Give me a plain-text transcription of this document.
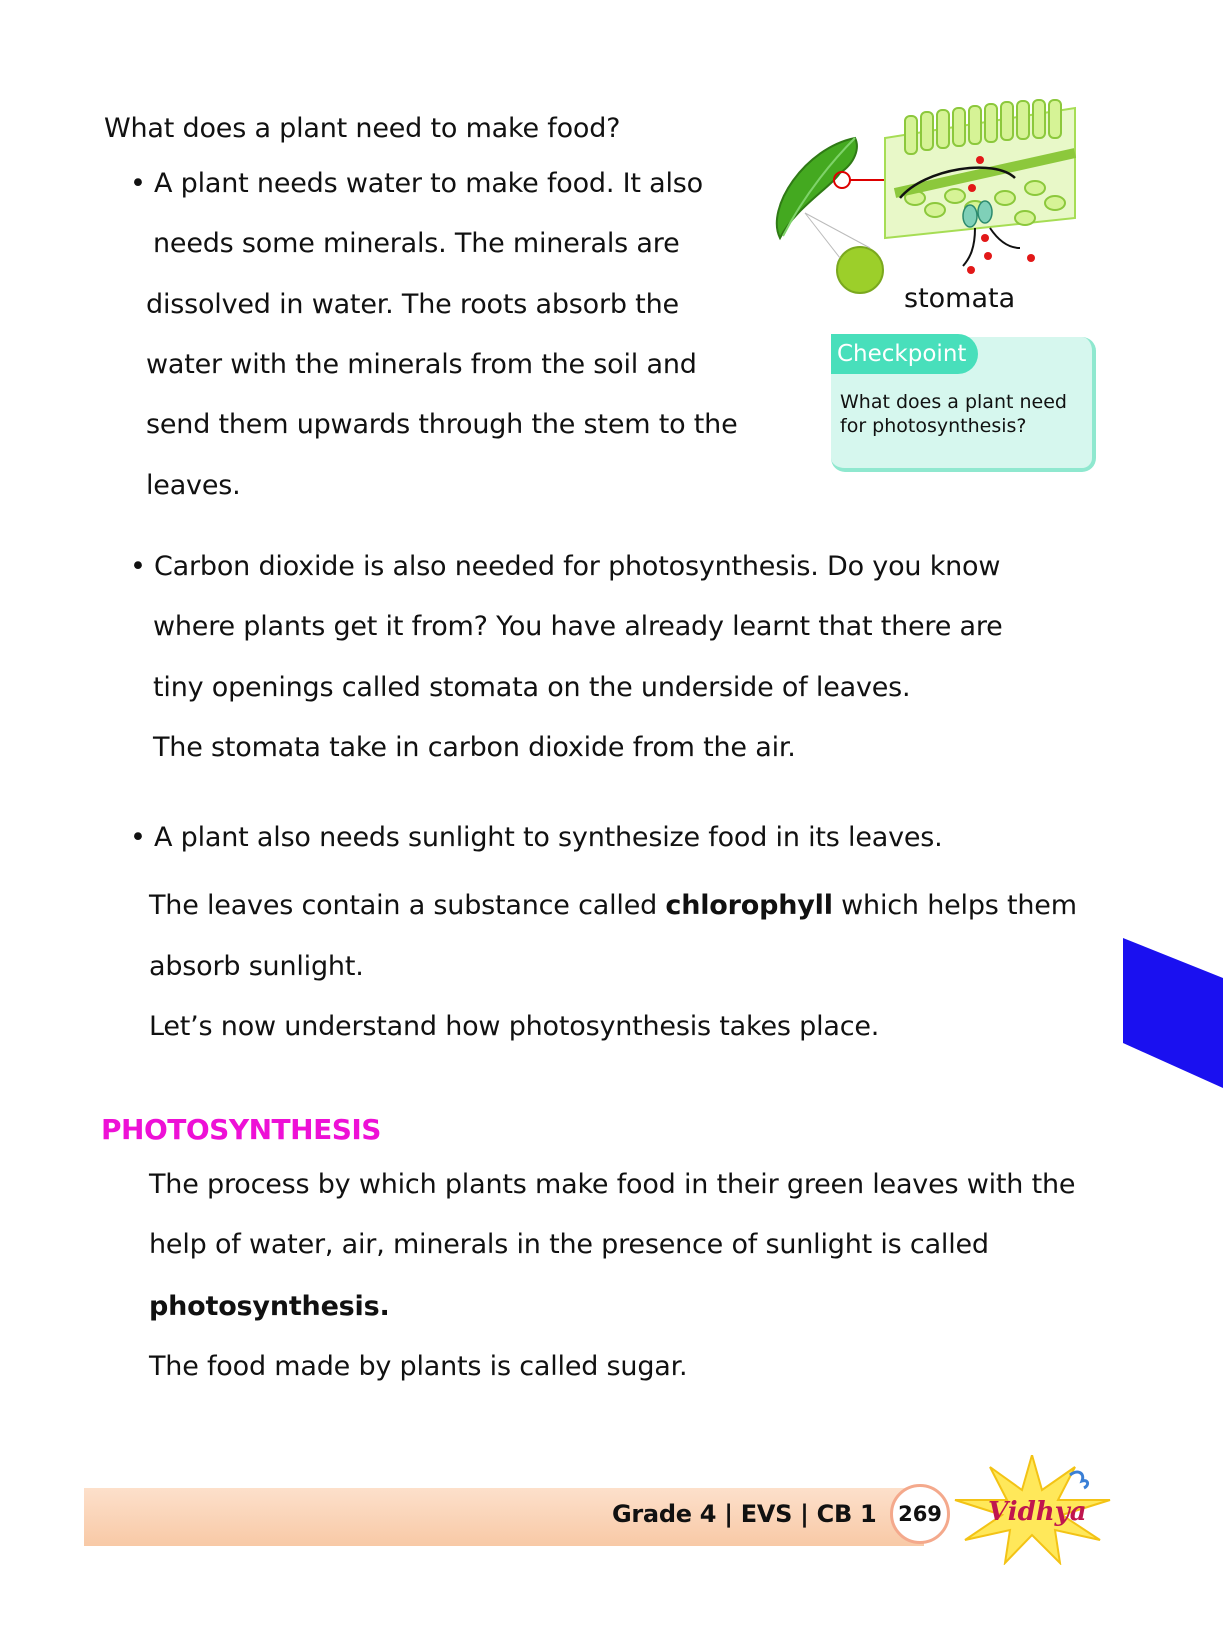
What does a plant need to make food?
• A plant needs water to make food. It also
needs some minerals. The minerals are
dissolved in water. The roots absorb the
water with the minerals from the soil and
send them upwards through the stem to the
leaves.
• Carbon dioxide is also needed for photosynthesis. Do you know
where plants get it from? You have already learnt that there are
tiny openings called stomata on the underside of leaves.
The stomata take in carbon dioxide from the air.
• A plant also needs sunlight to synthesize food in its leaves.
The leaves contain a substance called chlorophyll which helps them
absorb sunlight.
Let’s now understand how photosynthesis takes place.
stomata
Checkpoint
What does a plant need
for photosynthesis?
PHOTOSYNTHESIS
The process by which plants make food in their green leaves with the
help of water, air, minerals in the presence of sunlight is called
photosynthesis.
The food made by plants is called sugar.
Grade 4 | EVS | CB 1	269	Vidhya
